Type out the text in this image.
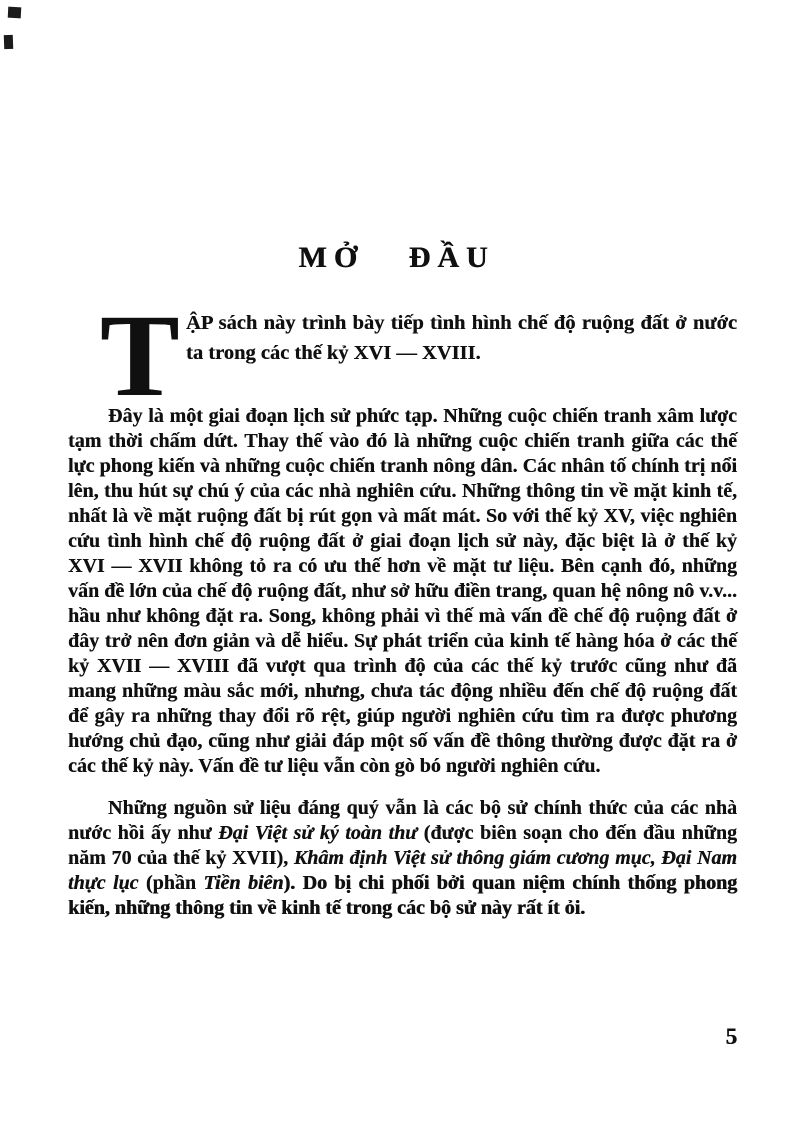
MỞ ĐẦU

T ẬP sách này trình bày tiếp tình hình chế độ ruộng đất ở nước ta trong các thế kỷ XVI — XVIII.

Đây là một giai đoạn lịch sử phức tạp. Những cuộc chiến tranh xâm lược tạm thời chấm dứt. Thay thế vào đó là những cuộc chiến tranh giữa các thế lực phong kiến và những cuộc chiến tranh nông dân. Các nhân tố chính trị nổi lên, thu hút sự chú ý của các nhà nghiên cứu. Những thông tin về mặt kinh tế, nhất là về mặt ruộng đất bị rút gọn và mất mát. So với thế kỷ XV, việc nghiên cứu tình hình chế độ ruộng đất ở giai đoạn lịch sử này, đặc biệt là ở thế kỷ XVI — XVII không tỏ ra có ưu thế hơn về mặt tư liệu. Bên cạnh đó, những vấn đề lớn của chế độ ruộng đất, như sở hữu điền trang, quan hệ nông nô v.v... hầu như không đặt ra. Song, không phải vì thế mà vấn đề chế độ ruộng đất ở đây trở nên đơn giản và dễ hiểu. Sự phát triển của kinh tế hàng hóa ở các thế kỷ XVII — XVIII đã vượt qua trình độ của các thế kỷ trước cũng như đã mang những màu sắc mới, nhưng, chưa tác động nhiều đến chế độ ruộng đất để gây ra những thay đổi rõ rệt, giúp người nghiên cứu tìm ra được phương hướng chủ đạo, cũng như giải đáp một số vấn đề thông thường được đặt ra ở các thế kỷ này. Vấn đề tư liệu vẫn còn gò bó người nghiên cứu.

Những nguồn sử liệu đáng quý vẫn là các bộ sử chính thức của các nhà nước hồi ấy như Đại Việt sử ký toàn thư (được biên soạn cho đến đầu những năm 70 của thế kỷ XVII), Khâm định Việt sử thông giám cương mục, Đại Nam thực lục (phần Tiền biên). Do bị chi phối bởi quan niệm chính thống phong kiến, những thông tin về kinh tế trong các bộ sử này rất ít ỏi.

5
